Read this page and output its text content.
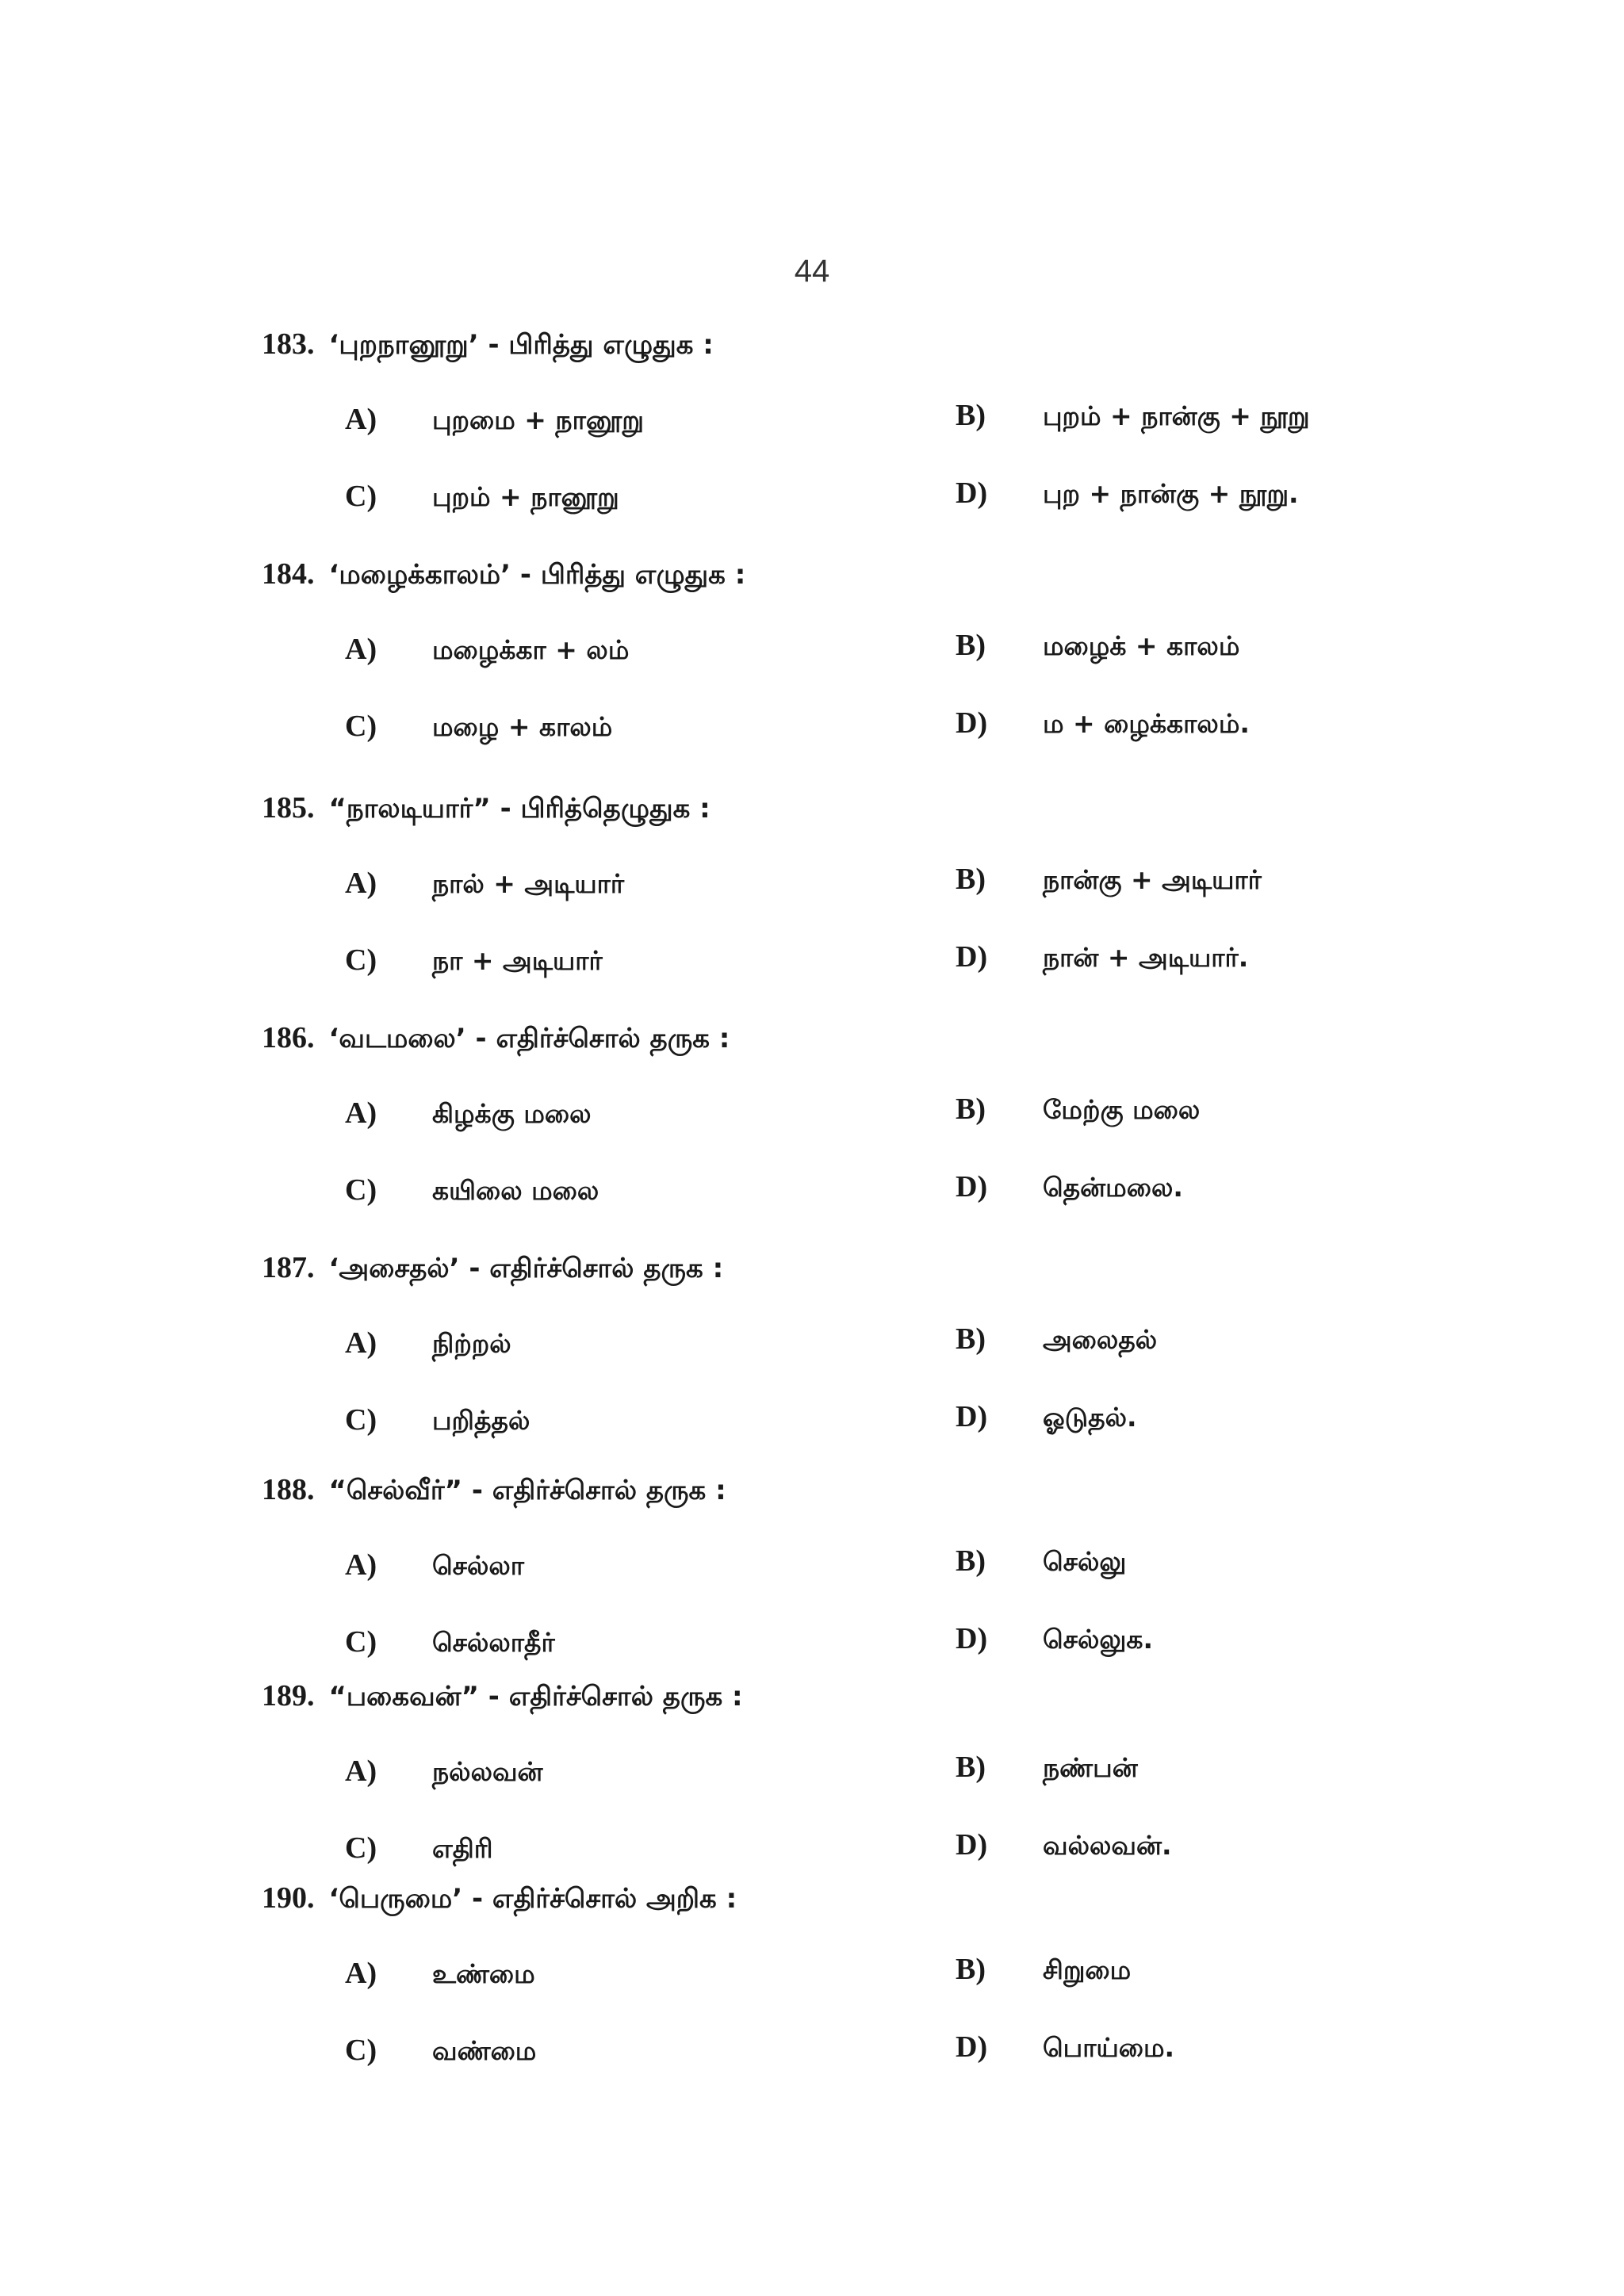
44
183. ‘புறநானூறு’ - பிரித்து எழுதுக :
A) புறமை + நானூறு	B) புறம் + நான்கு + நூறு
C) புறம் + நானூறு	D) புற + நான்கு + நூறு.
184. ‘மழைக்காலம்’ - பிரித்து எழுதுக :
A) மழைக்கா + லம்	B) மழைக் + காலம்
C) மழை + காலம்	D) ம + ழைக்காலம்.
185. “நாலடியார்” - பிரித்தெழுதுக :
A) நால் + அடியார்	B) நான்கு + அடியார்
C) நா + அடியார்	D) நான் + அடியார்.
186. ‘வடமலை’ - எதிர்ச்சொல் தருக :
A) கிழக்கு மலை	B) மேற்கு மலை
C) கயிலை மலை	D) தென்மலை.
187. ‘அசைதல்’ - எதிர்ச்சொல் தருக :
A) நிற்றல்	B) அலைதல்
C) பறித்தல்	D) ஓடுதல்.
188. “செல்வீர்” - எதிர்ச்சொல் தருக :
A) செல்லா	B) செல்லு
C) செல்லாதீர்	D) செல்லுக.
189. “பகைவன்” - எதிர்ச்சொல் தருக :
A) நல்லவன்	B) நண்பன்
C) எதிரி	D) வல்லவன்.
190. ‘பெருமை’ - எதிர்ச்சொல் அறிக :
A) உண்மை	B) சிறுமை
C) வண்மை	D) பொய்மை.
